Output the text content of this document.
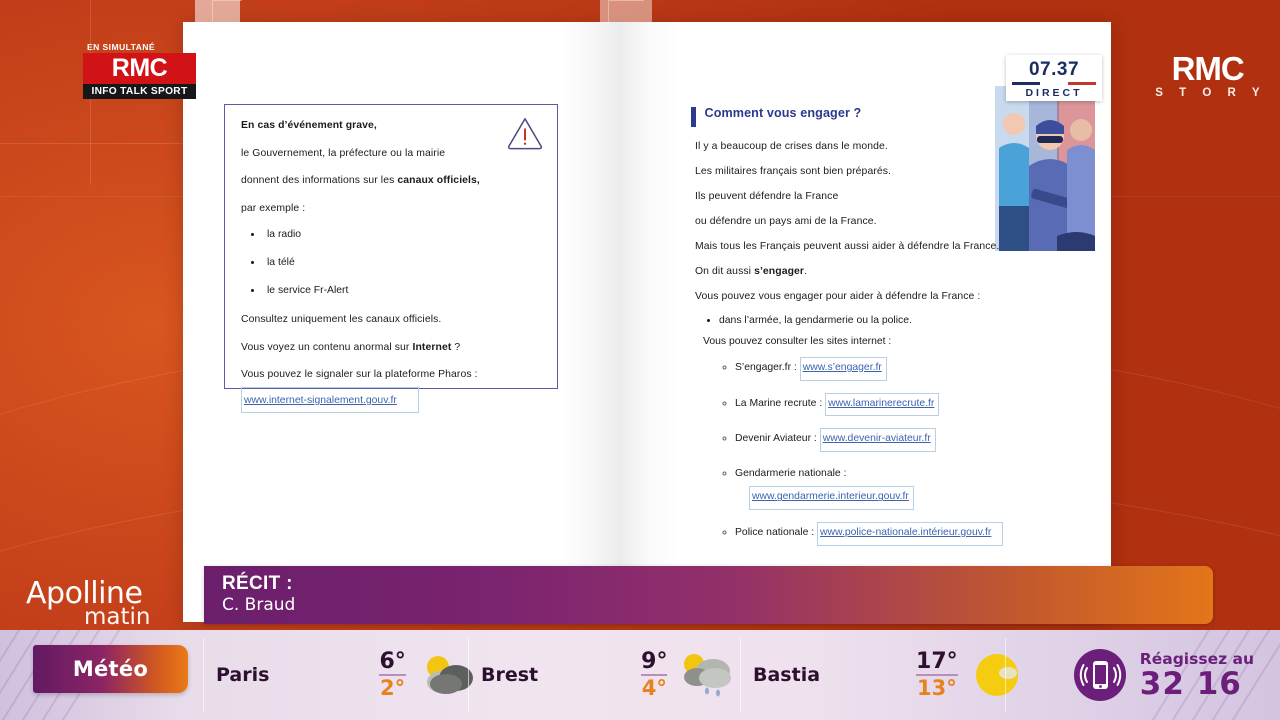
En cas d’événement grave,
le Gouvernement, la préfecture ou la mairie
donnent des informations sur les canaux officiels,
par exemple :
• la radio
• la télé
• le service Fr-Alert
Consultez uniquement les canaux officiels.
Vous voyez un contenu anormal sur Internet ?
Vous pouvez le signaler sur la plateforme Pharos :
www.internet-signalement.gouv.fr
Comment vous engager ?
Il y a beaucoup de crises dans le monde.
Les militaires français sont bien préparés.
Ils peuvent défendre la France
ou défendre un pays ami de la France.
Mais tous les Français peuvent aussi aider à défendre la France.
On dit aussi s’engager.
Vous pouvez vous engager pour aider à défendre la France :
• dans l’armée, la gendarmerie ou la police.
Vous pouvez consulter les sites internet :
◦ S’engager.fr : www.s’engager.fr
◦ La Marine recrute : www.lamarinerecrute.fr
◦ Devenir Aviateur : www.devenir-aviateur.fr
◦ Gendarmerie nationale :
www.gendarmerie.interieur.gouv.fr
◦ Police nationale : www.police-nationale.intérieur.gouv.fr
EN SIMULTANÉ
RMC
INFO TALK SPORT
07.37
DIRECT
RMC
S T O R Y
Apolline
matin
RÉCIT :
C. Braud
Météo	Paris
6°
2°
Brest
9°
4°
Bastia
17°
13°
Réagissez au
32 16
